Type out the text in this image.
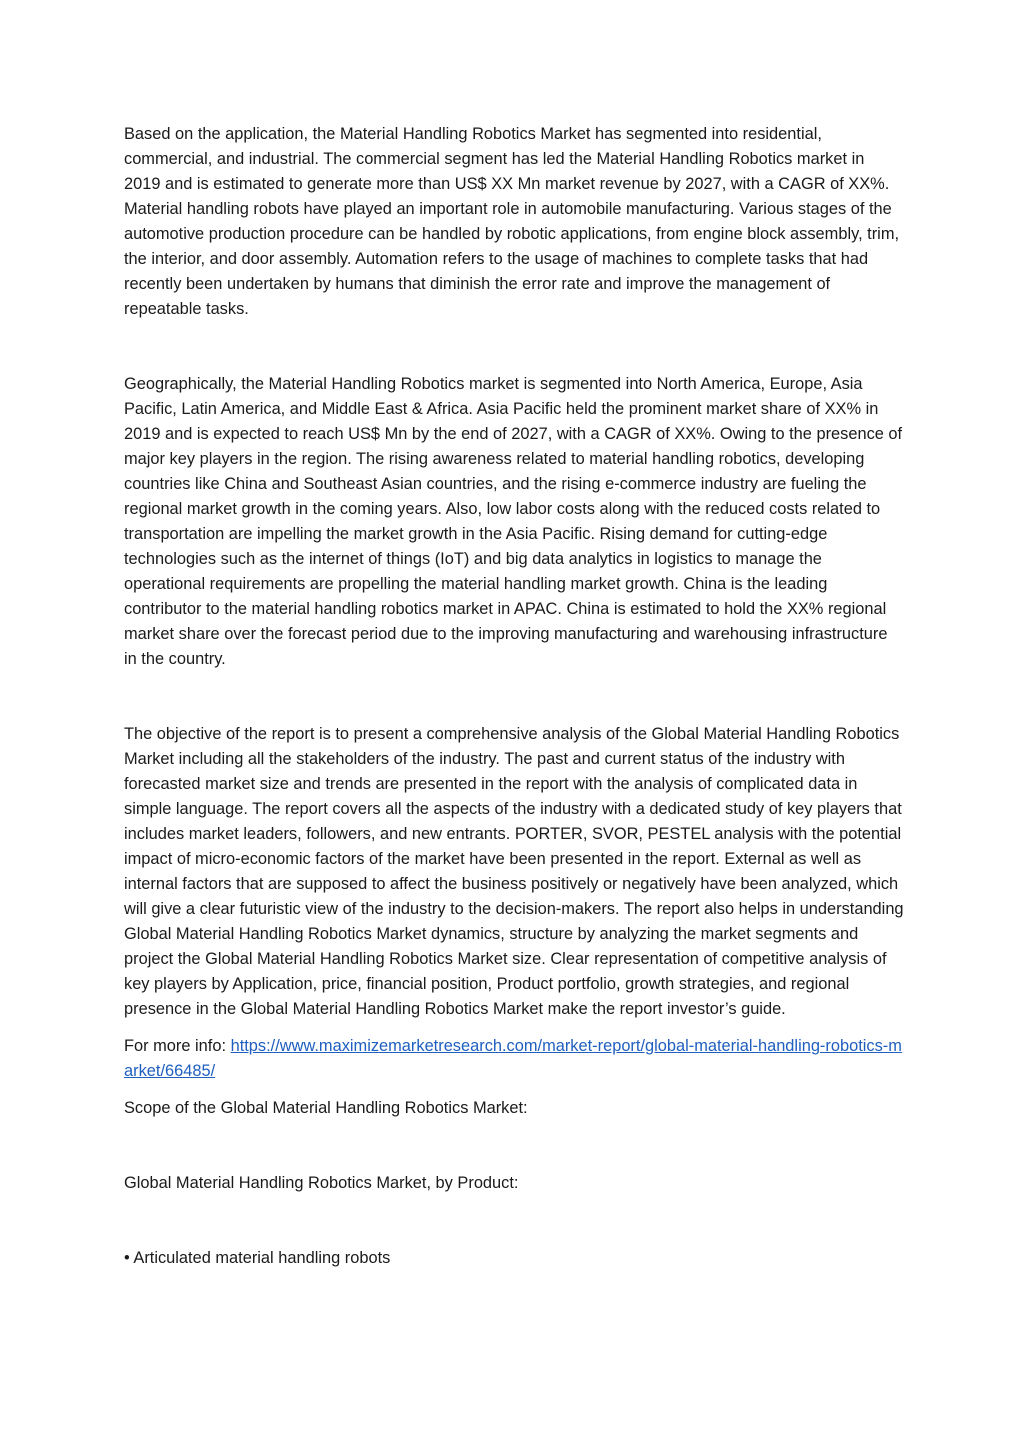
Based on the application, the Material Handling Robotics Market has segmented into residential, commercial, and industrial. The commercial segment has led the Material Handling Robotics market in 2019 and is estimated to generate more than US$ XX Mn market revenue by 2027, with a CAGR of XX%. Material handling robots have played an important role in automobile manufacturing. Various stages of the automotive production procedure can be handled by robotic applications, from engine block assembly, trim, the interior, and door assembly. Automation refers to the usage of machines to complete tasks that had recently been undertaken by humans that diminish the error rate and improve the management of repeatable tasks.

Geographically, the Material Handling Robotics market is segmented into North America, Europe, Asia Pacific, Latin America, and Middle East & Africa. Asia Pacific held the prominent market share of XX% in 2019 and is expected to reach US$ Mn by the end of 2027, with a CAGR of XX%. Owing to the presence of major key players in the region. The rising awareness related to material handling robotics, developing countries like China and Southeast Asian countries, and the rising e-commerce industry are fueling the regional market growth in the coming years. Also, low labor costs along with the reduced costs related to transportation are impelling the market growth in the Asia Pacific. Rising demand for cutting-edge technologies such as the internet of things (IoT) and big data analytics in logistics to manage the operational requirements are propelling the material handling market growth. China is the leading contributor to the material handling robotics market in APAC. China is estimated to hold the XX% regional market share over the forecast period due to the improving manufacturing and warehousing infrastructure in the country.

The objective of the report is to present a comprehensive analysis of the Global Material Handling Robotics Market including all the stakeholders of the industry. The past and current status of the industry with forecasted market size and trends are presented in the report with the analysis of complicated data in simple language. The report covers all the aspects of the industry with a dedicated study of key players that includes market leaders, followers, and new entrants. PORTER, SVOR, PESTEL analysis with the potential impact of micro-economic factors of the market have been presented in the report. External as well as internal factors that are supposed to affect the business positively or negatively have been analyzed, which will give a clear futuristic view of the industry to the decision-makers. The report also helps in understanding Global Material Handling Robotics Market dynamics, structure by analyzing the market segments and project the Global Material Handling Robotics Market size. Clear representation of competitive analysis of key players by Application, price, financial position, Product portfolio, growth strategies, and regional presence in the Global Material Handling Robotics Market make the report investor’s guide.

For more info: https://www.maximizemarketresearch.com/market-report/global-material-handling-robotics-market/66485/

Scope of the Global Material Handling Robotics Market:

Global Material Handling Robotics Market, by Product:

• Articulated material handling robots
